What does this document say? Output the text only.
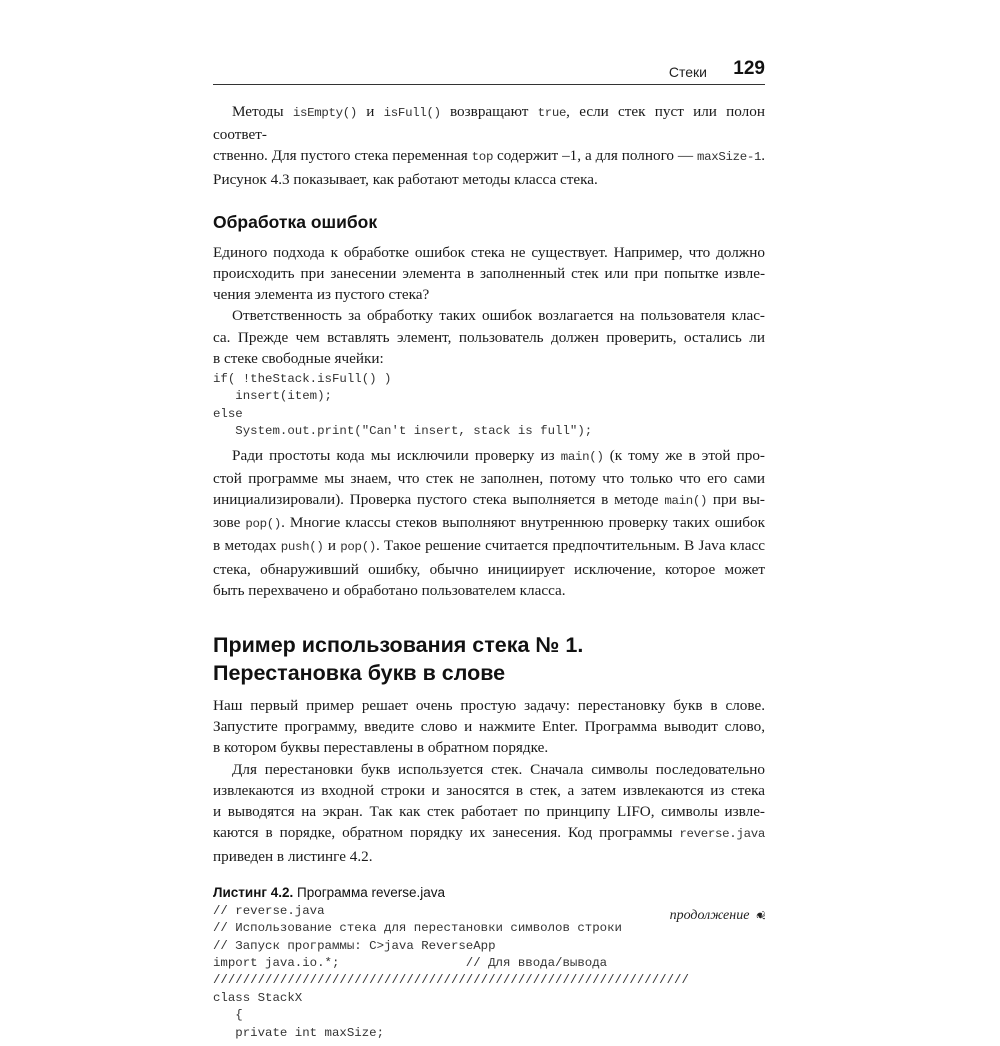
Стеки 129

Методы isEmpty() и isFull() возвращают true, если стек пуст или полон соответ-
ственно. Для пустого стека переменная top содержит –1, а для полного — maxSize-1.
Рисунок 4.3 показывает, как работают методы класса стека.

Обработка ошибок

Единого подхода к обработке ошибок стека не существует. Например, что должно
происходить при занесении элемента в заполненный стек или при попытке извле-
чения элемента из пустого стека?

Ответственность за обработку таких ошибок возлагается на пользователя клас-
са. Прежде чем вставлять элемент, пользователь должен проверить, остались ли
в стеке свободные ячейки:

if( !theStack.isFull() )
insert(item);
else
System.out.print("Can't insert, stack is full");

Ради простоты кода мы исключили проверку из main() (к тому же в этой про-
стой программе мы знаем, что стек не заполнен, потому что только что его сами
инициализировали). Проверка пустого стека выполняется в методе main() при вы-
зове pop(). Многие классы стеков выполняют внутреннюю проверку таких ошибок
в методах push() и pop(). Такое решение считается предпочтительным. В Java класс
стека, обнаруживший ошибку, обычно инициирует исключение, которое может
быть перехвачено и обработано пользователем класса.

Пример использования стека № 1.
Перестановка букв в слове

Наш первый пример решает очень простую задачу: перестановку букв в слове.
Запустите программу, введите слово и нажмите Enter. Программа выводит слово,
в котором буквы переставлены в обратном порядке.

Для перестановки букв используется стек. Сначала символы последовательно
извлекаются из входной строки и заносятся в стек, а затем извлекаются из стека
и выводятся на экран. Так как стек работает по принципу LIFO, символы извле-
каются в порядке, обратном порядку их занесения. Код программы reverse.java
приведен в листинге 4.2.

Листинг 4.2. Программа reverse.java
// reverse.java
// Использование стека для перестановки символов строки
// Запуск программы: C>java ReverseApp
import java.io.*;                 // Для ввода/вывода
////////////////////////////////////////////////////////////////
class StackX
{
private int maxSize;
продолжение ❦
